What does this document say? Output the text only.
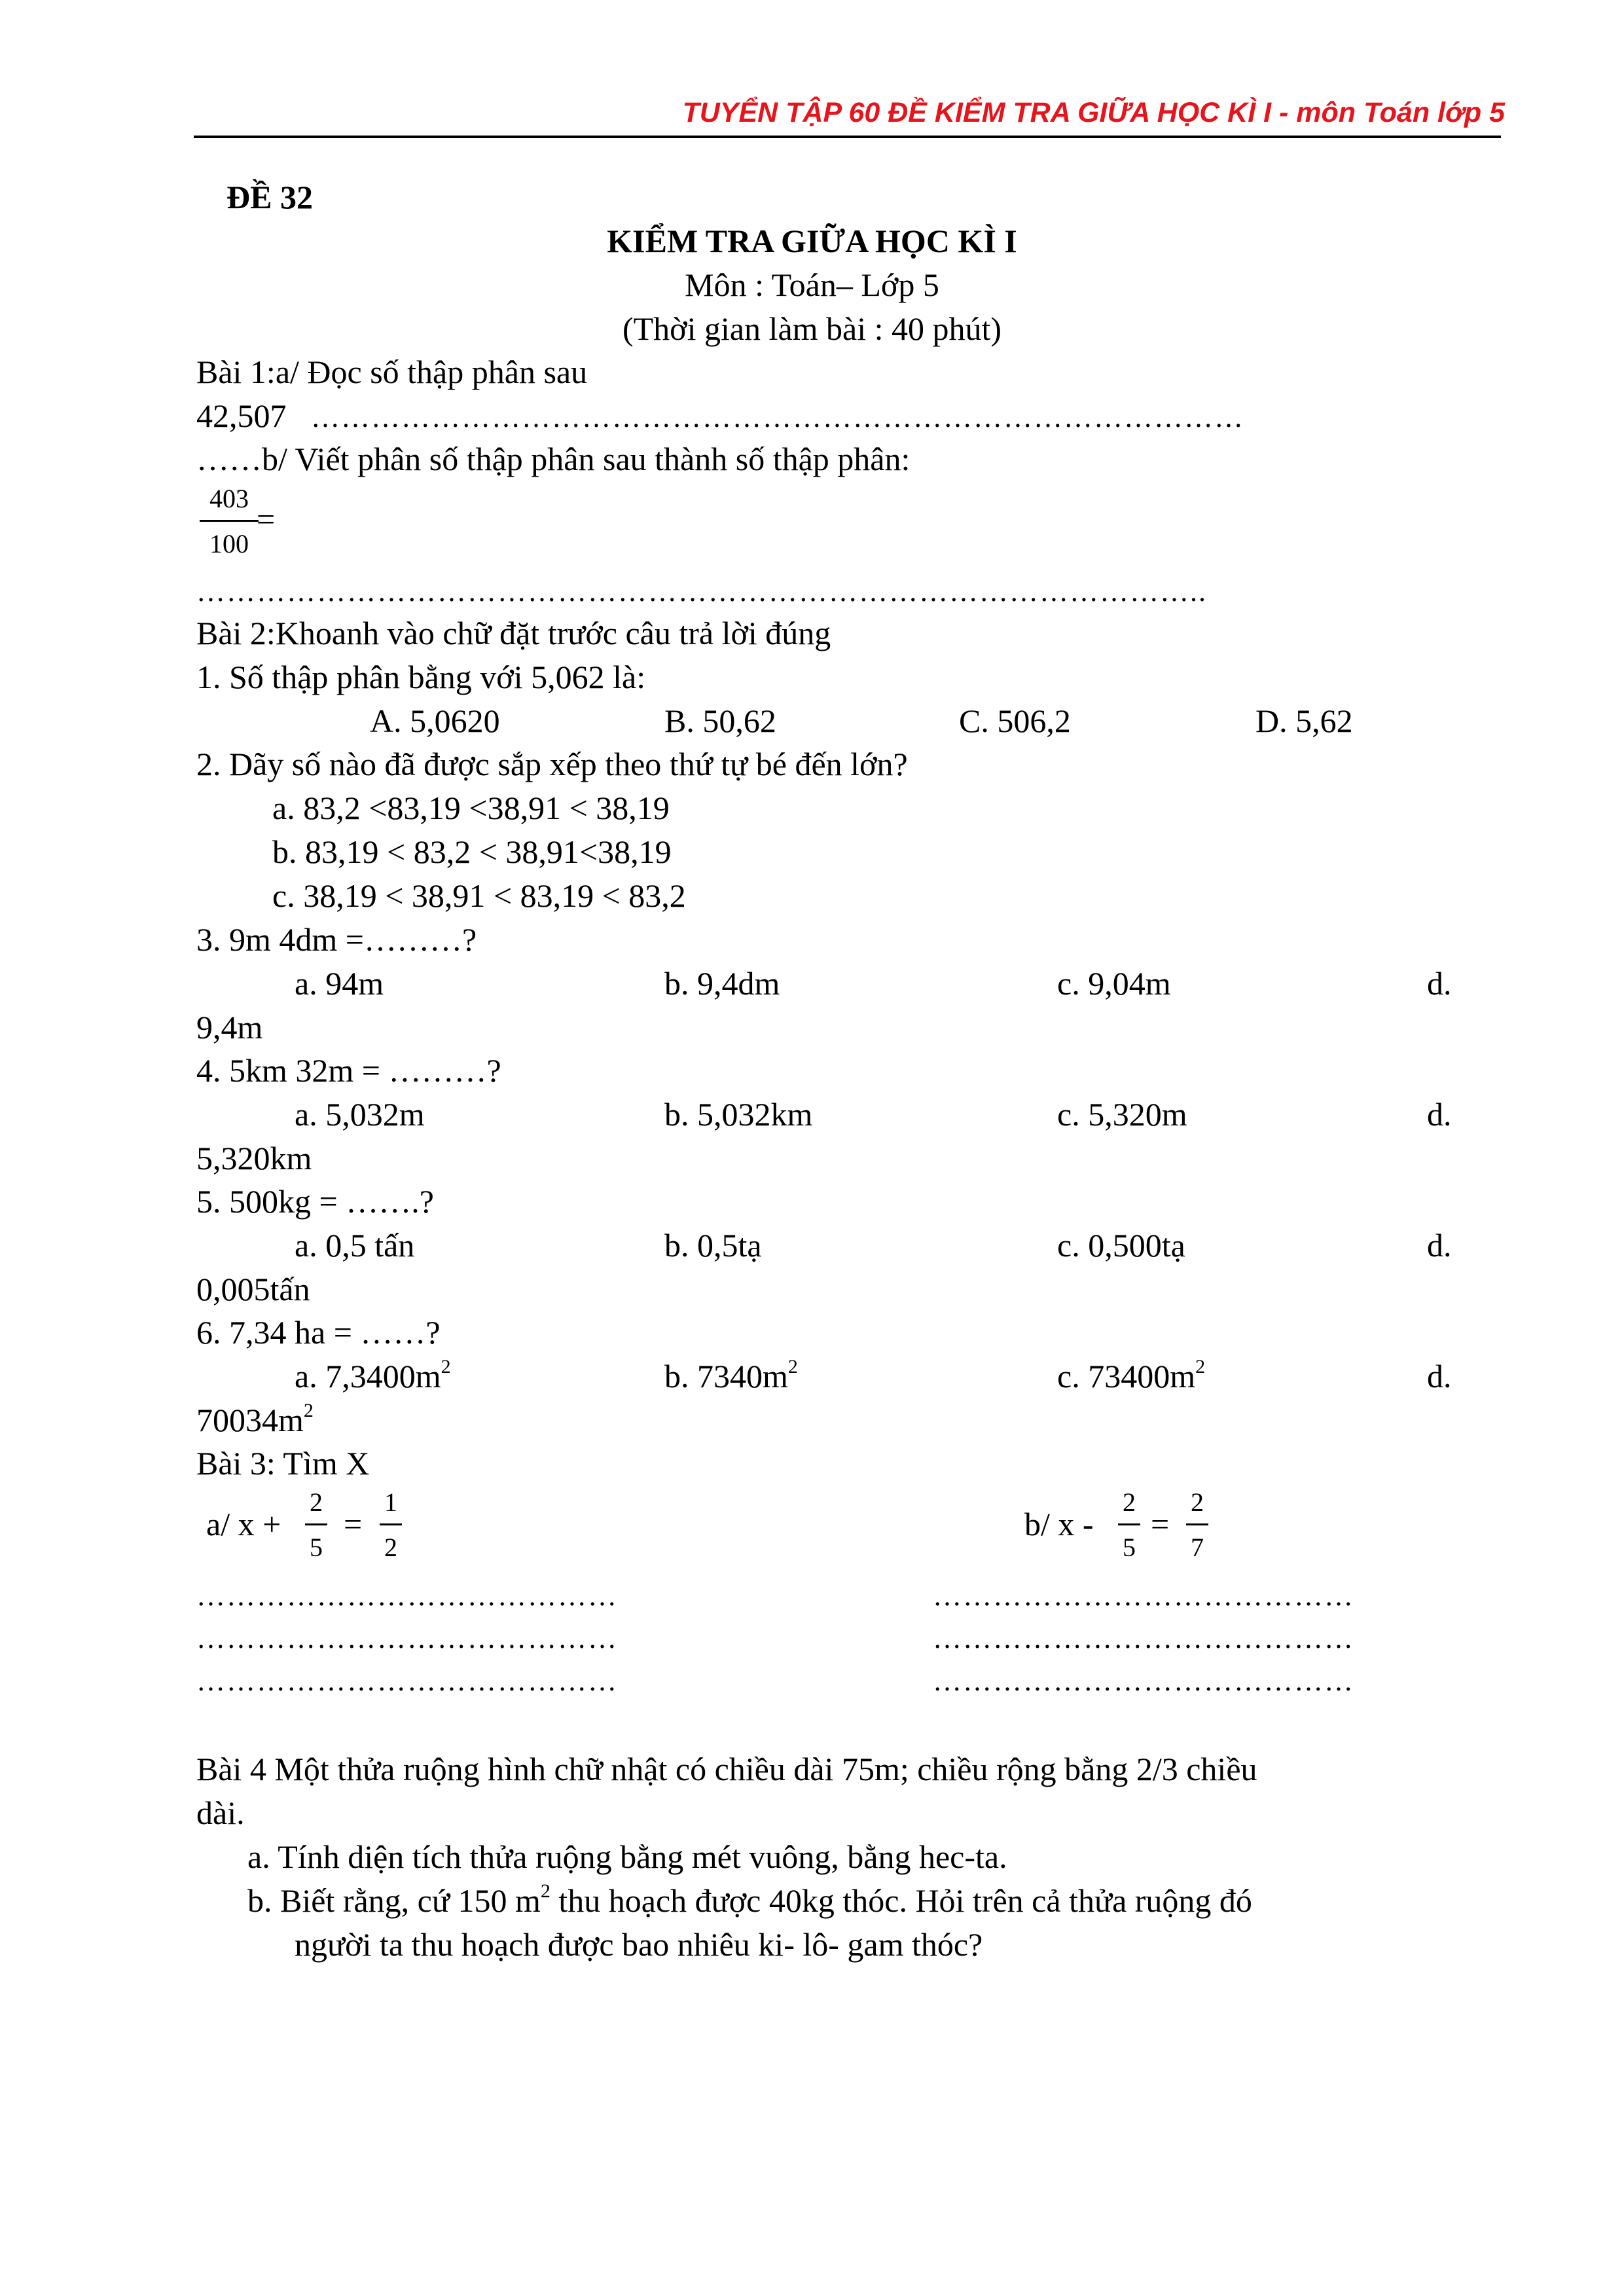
TUYỂN TẬP 60 ĐỀ KIỂM TRA GIỮA HỌC KÌ I - môn Toán lớp 5
ĐỀ 32
KIỂM TRA GIỮA HỌC KÌ I
Môn : Toán– Lớp 5
(Thời gian làm bài : 40 phút)
Bài 1:a/ Đọc số thập phân sau
42,507 …………………………………………………………………………………
……b/ Viết phân số thập phân sau thành số thập phân:
403
100
=
………………………………………………………………………………………..
Bài 2:Khoanh vào chữ đặt trước câu trả lời đúng
1. Số thập phân bằng với 5,062 là:
A. 5,0620	B. 50,62	C. 506,2	D. 5,62
2. Dãy số nào đã được sắp xếp theo thứ tự bé đến lớn?
a. 83,2 <83,19 <38,91 < 38,19
b. 83,19 < 83,2 < 38,91<38,19
c. 38,19 < 38,91 < 83,19 < 83,2
3. 9m 4dm =………?
a. 94m	b. 9,4dm	c. 9,04m	d.
9,4m
4. 5km 32m = ………?
a. 5,032m	b. 5,032km	c. 5,320m	d.
5,320km
5. 500kg = …….?
a. 0,5 tấn	b. 0,5tạ	c. 0,500tạ	d.
0,005tấn
6. 7,34 ha = ……?
a. $7,3400m^2$	b. $7340m^2$	c. $73400m^2$	d.
$70034m^2$
Bài 3: Tìm X
a/ x +
2
5
=
1
2
b/ x -
2
5
=
2
7
……………………………………
……………………………………
……………………………………
……………………………………
……………………………………
……………………………………
Bài 4 Một thửa ruộng hình chữ nhật có chiều dài 75m; chiều rộng bằng 2/3 chiều
dài.
a. Tính diện tích thửa ruộng bằng mét vuông, bằng hec-ta.
b. Biết rằng, cứ 150 $m^2$ thu hoạch được 40kg thóc. Hỏi trên cả thửa ruộng đó
người ta thu hoạch được bao nhiêu ki- lô- gam thóc?
